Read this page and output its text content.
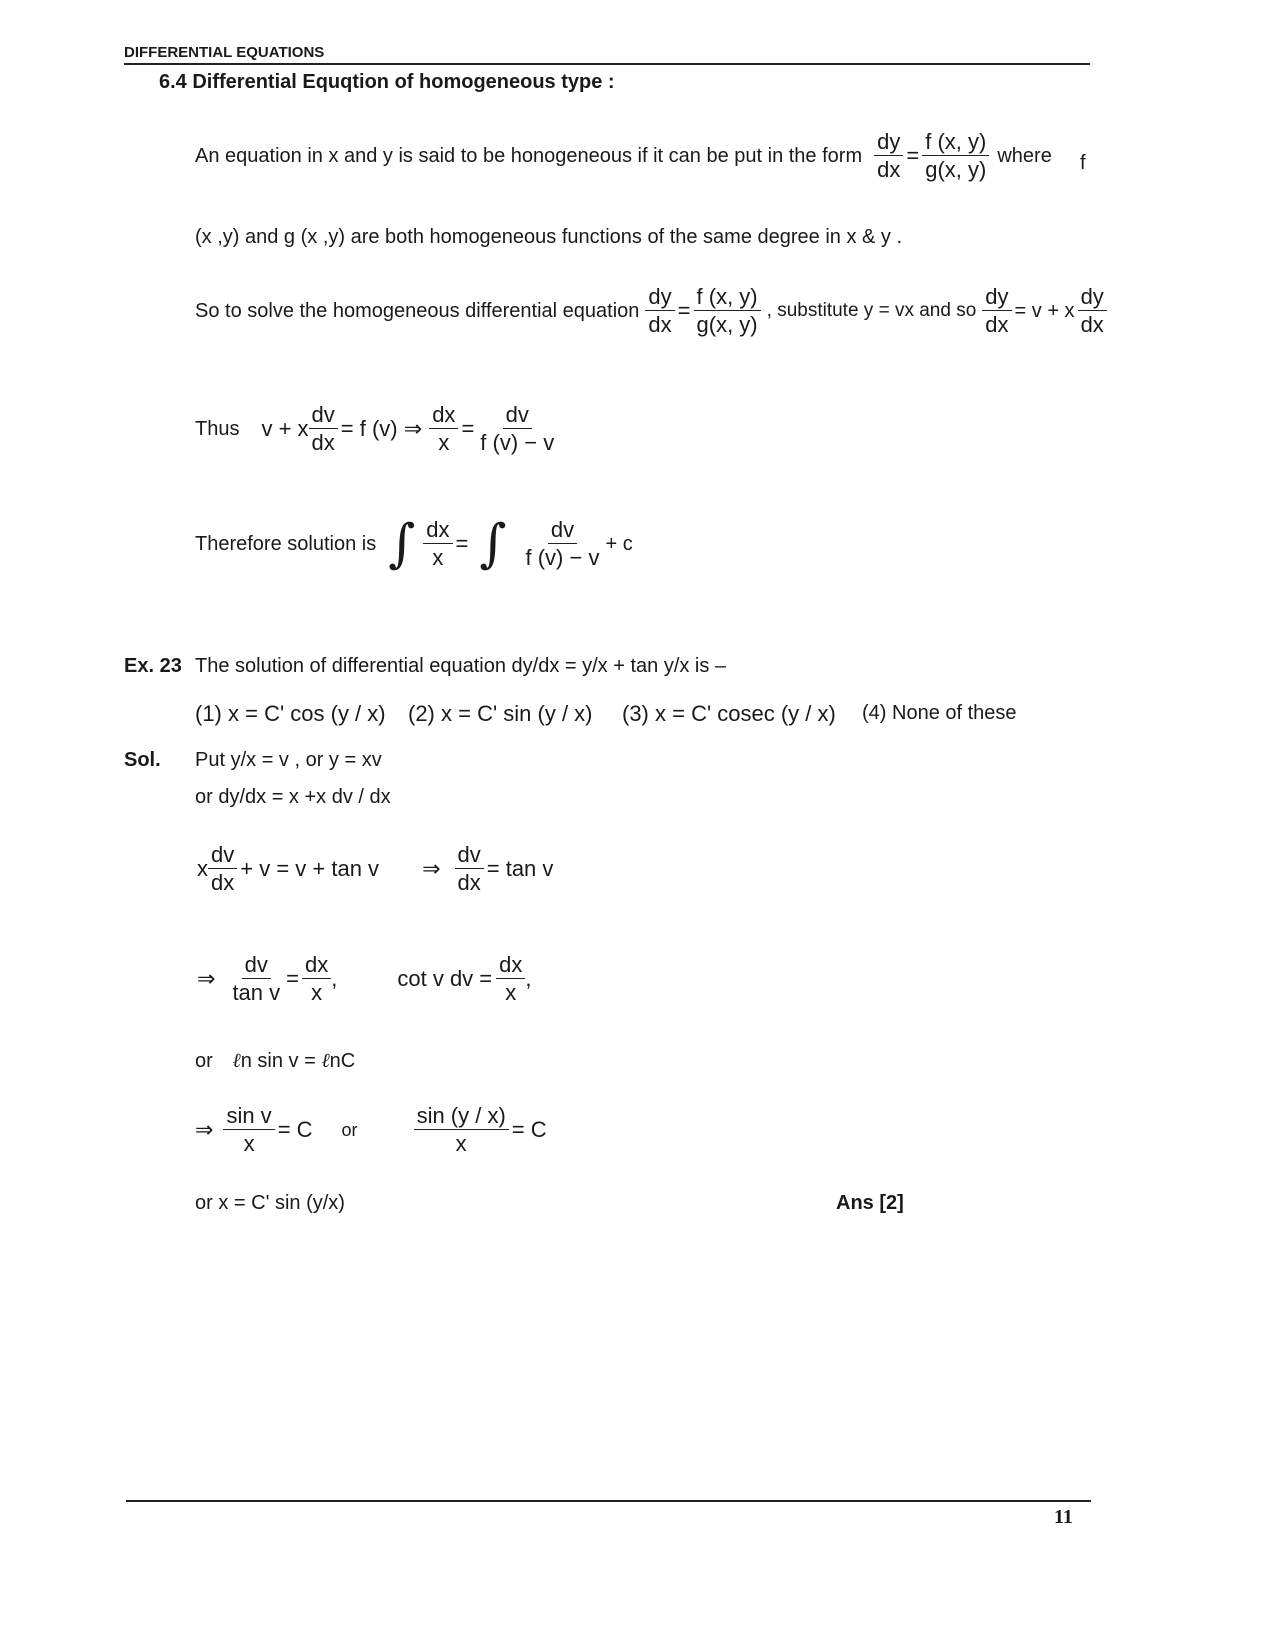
DIFFERENTIAL EQUATIONS
6.4 Differential Equqtion of homogeneous type :
An equation in x and y is said to be honogeneous if it can be put in the form $\frac{dy}{dx} = \frac{f (x, y)}{g(x, y)}$ where f
(x ,y) and g (x ,y) are both homogeneous functions of the same degree in x & y .
So to solve the homogeneous differential equation $\frac{dy}{dx} = \frac{f (x, y)}{g(x, y)}$ , substitute y = vx and so $\frac{dy}{dx} = v + x \frac{dy}{dx}$
Thus v + x $\frac{dv}{dx} = f$ (v) ⇒ $\frac{dx}{x} = \frac{dv}{f (v) - v}$
Therefore solution is ∫ $\frac{dx}{x}$ = ∫ $\frac{dv}{f (v) - v} + c$
Ex. 23 The solution of differential equation dy/dx = y/x + tan y/x is –
(1) x = C' cos (y / x) (2) x = C' sin (y / x) (3) x = C' cosec (y / x) (4) None of these
Sol. Put y/x = v , or y = xv
or dy/dx = x +x dv / dx
x $\frac{dv}{dx} + v = v + \tan v$ ⇒ $\frac{dv}{dx} = \tan v$
⇒ $\frac{dv}{\text{tan v}} = \frac{dx}{x}$ ,	cot v dv = $\frac{dx}{x}$ ,
or ℓn sin v = ℓnC
⇒ $\frac{\text{sin v}}{x} = C$ or	$\frac{\sin (y / x)}{x} = C$
or x = C' sin (y/x)	Ans [2]
11
